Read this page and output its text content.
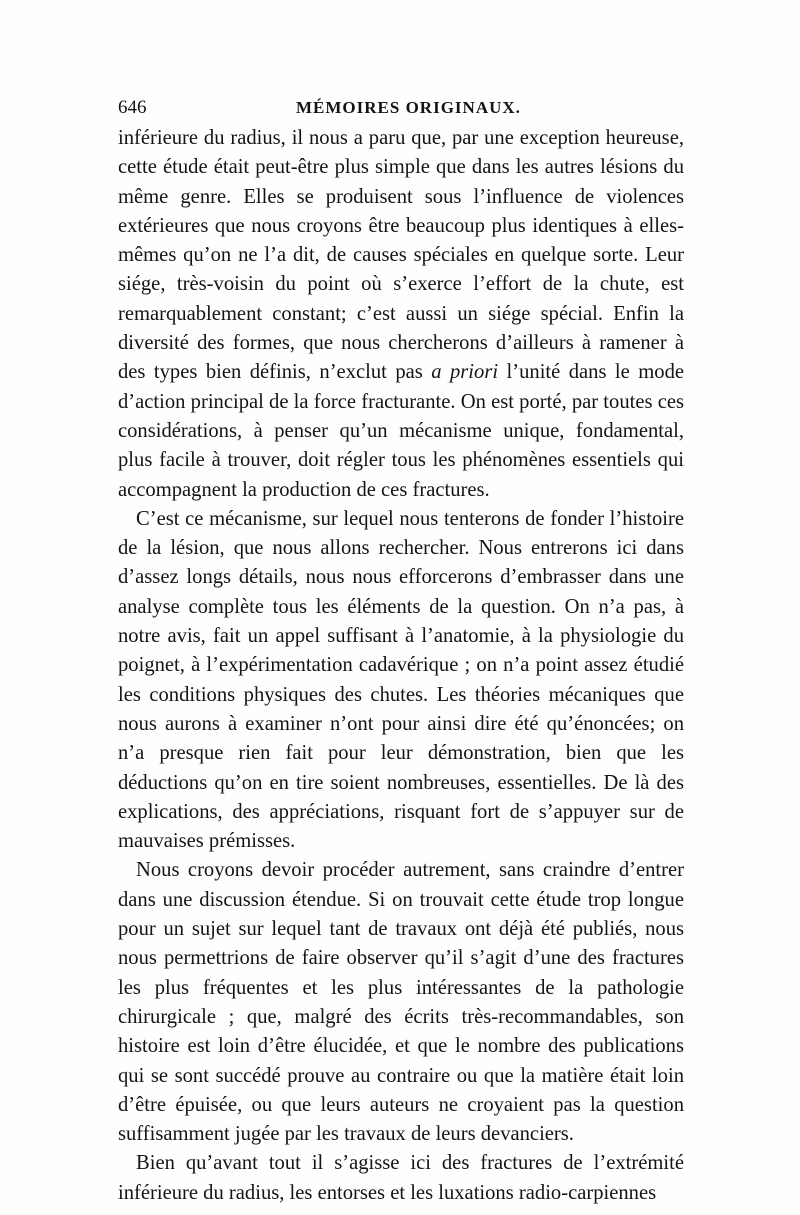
646	MÉMOIRES ORIGINAUX.

inférieure du radius, il nous a paru que, par une exception heureuse, cette étude était peut-être plus simple que dans les autres lésions du même genre. Elles se produisent sous l’influence de violences extérieures que nous croyons être beaucoup plus identiques à elles-mêmes qu’on ne l’a dit, de causes spéciales en quelque sorte. Leur siége, très-voisin du point où s’exerce l’effort de la chute, est remarquablement constant; c’est aussi un siége spécial. Enfin la diversité des formes, que nous chercherons d’ailleurs à ramener à des types bien définis, n’exclut pas a priori l’unité dans le mode d’action principal de la force fracturante. On est porté, par toutes ces considérations, à penser qu’un mécanisme unique, fondamental, plus facile à trouver, doit régler tous les phénomènes essentiels qui accompagnent la production de ces fractures.

C’est ce mécanisme, sur lequel nous tenterons de fonder l’histoire de la lésion, que nous allons rechercher. Nous entrerons ici dans d’assez longs détails, nous nous efforcerons d’embrasser dans une analyse complète tous les éléments de la question. On n’a pas, à notre avis, fait un appel suffisant à l’anatomie, à la physiologie du poignet, à l’expérimentation cadavérique ; on n’a point assez étudié les conditions physiques des chutes. Les théories mécaniques que nous aurons à examiner n’ont pour ainsi dire été qu’énoncées; on n’a presque rien fait pour leur démonstration, bien que les déductions qu’on en tire soient nombreuses, essentielles. De là des explications, des appréciations, risquant fort de s’appuyer sur de mauvaises prémisses.

Nous croyons devoir procéder autrement, sans craindre d’entrer dans une discussion étendue. Si on trouvait cette étude trop longue pour un sujet sur lequel tant de travaux ont déjà été publiés, nous nous permettrions de faire observer qu’il s’agit d’une des fractures les plus fréquentes et les plus intéressantes de la pathologie chirurgicale ; que, malgré des écrits très-recommandables, son histoire est loin d’être élucidée, et que le nombre des publications qui se sont succédé prouve au contraire ou que la matière était loin d’être épuisée, ou que leurs auteurs ne croyaient pas la question suffisamment jugée par les travaux de leurs devanciers.

Bien qu’avant tout il s’agisse ici des fractures de l’extrémité inférieure du radius, les entorses et les luxations radio-carpiennes
